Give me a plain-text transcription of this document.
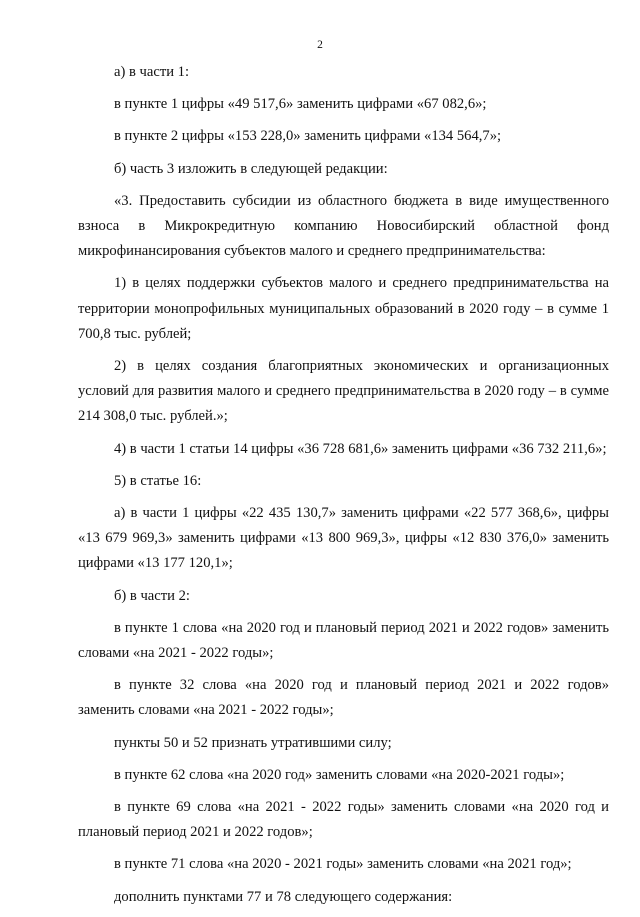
2

а) в части 1:

в пункте 1 цифры «49 517,6» заменить цифрами «67 082,6»;

в пункте 2 цифры «153 228,0» заменить цифрами «134 564,7»;

б) часть 3 изложить в следующей редакции:

«3. Предоставить субсидии из областного бюджета в виде имущественного взноса в Микрокредитную компанию Новосибирский областной фонд микрофинансирования субъектов малого и среднего предпринимательства:

1) в целях поддержки субъектов малого и среднего предпринимательства на территории монопрофильных муниципальных образований в 2020 году – в сумме 1 700,8 тыс. рублей;

2) в целях создания благоприятных экономических и организационных условий для развития малого и среднего предпринимательства в 2020 году – в сумме 214 308,0 тыс. рублей.»;

4) в части 1 статьи 14 цифры «36 728 681,6» заменить цифрами «36 732 211,6»;

5) в статье 16:

а) в части 1 цифры «22 435 130,7» заменить цифрами «22 577 368,6», цифры «13 679 969,3» заменить цифрами «13 800 969,3», цифры «12 830 376,0» заменить цифрами «13 177 120,1»;

б) в части 2:

в пункте 1 слова «на 2020 год и плановый период 2021 и 2022 годов» заменить словами «на 2021 - 2022 годы»;

в пункте 32 слова «на 2020 год и плановый период 2021 и 2022 годов» заменить словами «на 2021 - 2022 годы»;

пункты 50 и 52 признать утратившими силу;

в пункте 62 слова «на 2020 год» заменить словами «на 2020-2021 годы»;

в пункте 69 слова «на 2021 - 2022 годы» заменить словами «на 2020 год и плановый период 2021 и 2022 годов»;

в пункте 71 слова «на 2020 - 2021 годы» заменить словами «на 2021 год»;

дополнить пунктами 77 и 78 следующего содержания:
